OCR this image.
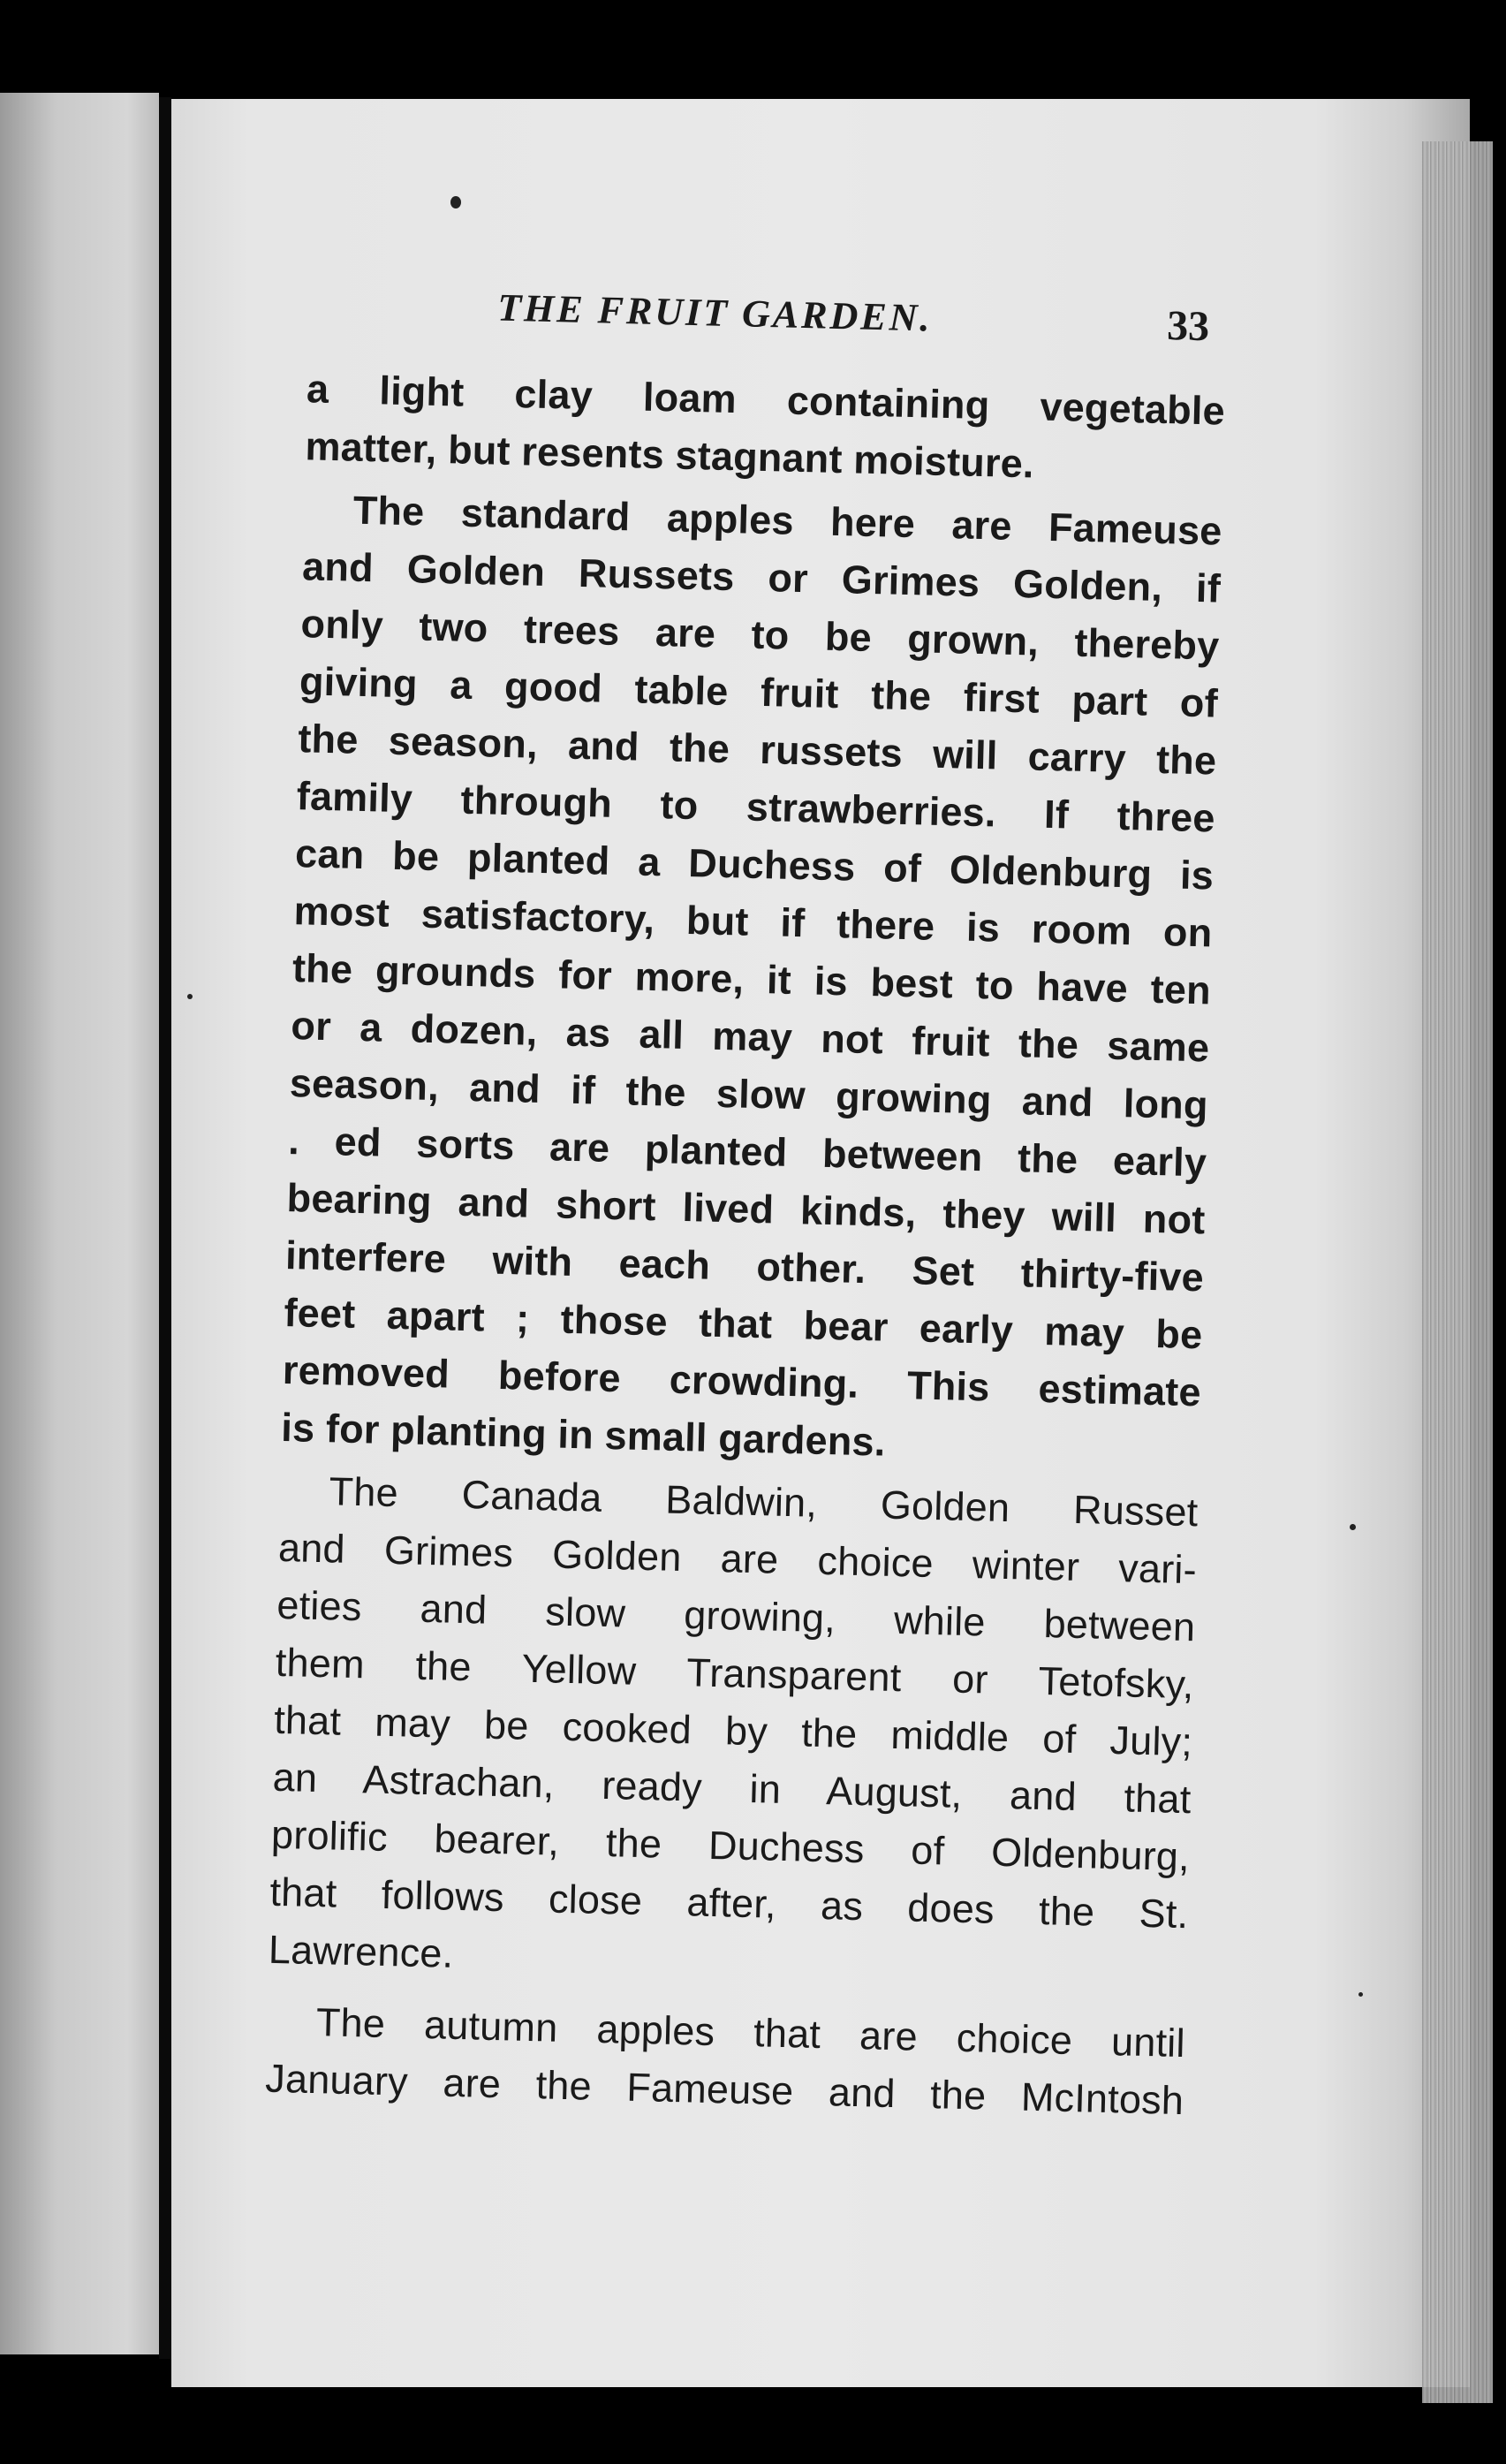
THE FRUIT GARDEN.	33
a light clay loam containing vegetable
matter, but resents stagnant moisture.
The standard apples here are Fameuse
and Golden Russets or Grimes Golden, if
only two trees are to be grown, thereby
giving a good table fruit the first part of
the season, and the russets will carry the
family through to strawberries. If three
can be planted a Duchess of Oldenburg is
most satisfactory, but if there is room on
the grounds for more, it is best to have ten
or a dozen, as all may not fruit the same
season, and if the slow growing and long
. ed sorts are planted between the early
bearing and short lived kinds, they will not
interfere with each other. Set thirty-five
feet apart ; those that bear early may be
removed before crowding. This estimate
is for planting in small gardens.
The Canada Baldwin, Golden Russet
and Grimes Golden are choice winter vari-
eties and slow growing, while between
them the Yellow Transparent or Tetofsky,
that may be cooked by the middle of July;
an Astrachan, ready in August, and that
prolific bearer, the Duchess of Oldenburg,
that follows close after, as does the St.
Lawrence.
The autumn apples that are choice until
January are the Fameuse and the McIntosh
